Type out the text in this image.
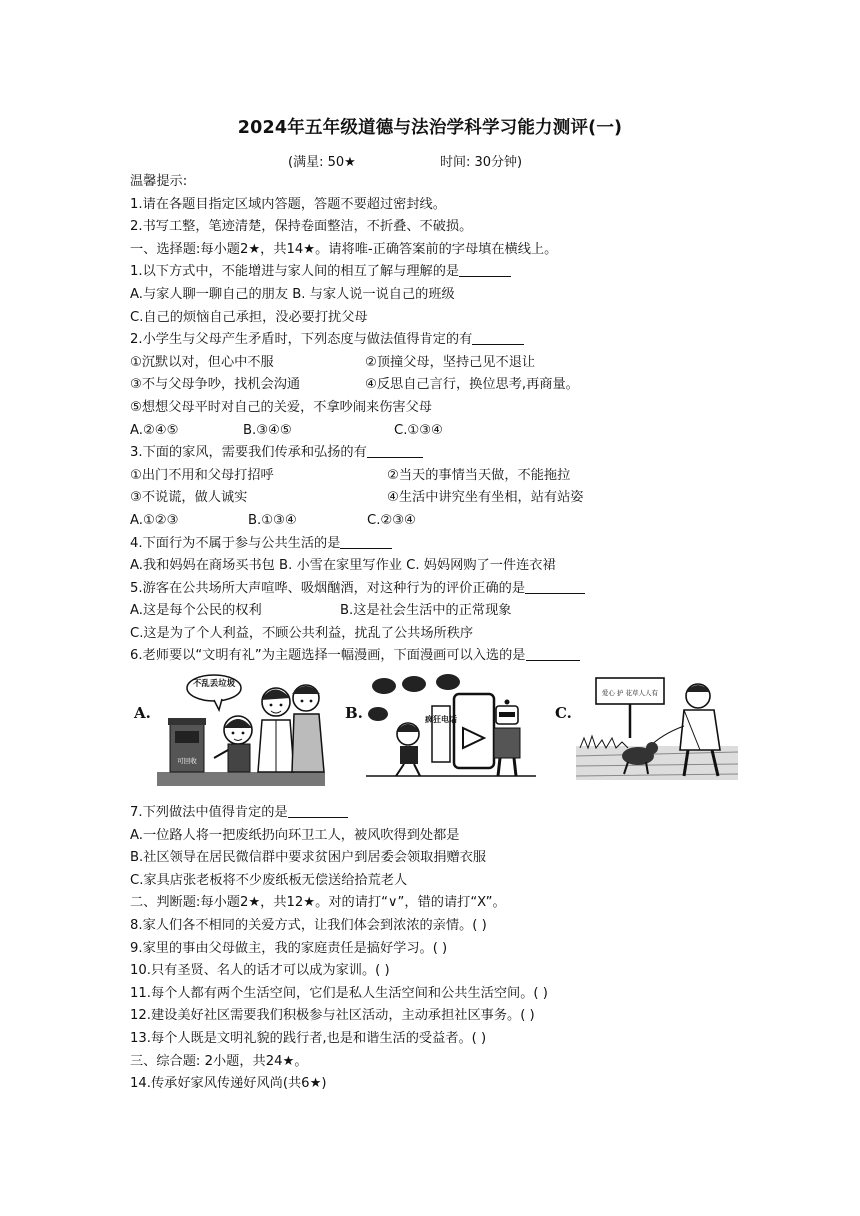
2024年五年级道德与法治学科学习能力测评(一)
(满星: 50★	时间: 30分钟)
温馨提示:
1.请在各题目指定区域内答题，答题不要超过密封线。
2.书写工整，笔迹清楚，保持卷面整洁，不折叠、不破损。
一、选择题:每小题2★，共14★。请将唯-正确答案前的字母填在横线上。
1.以下方式中，不能增进与家人间的相互了解与理解的是
A.与家人聊一聊自己的朋友 B. 与家人说一说自己的班级
C.自己的烦恼自己承担，没必要打扰父母
2.小学生与父母产生矛盾时，下列态度与做法值得肯定的有
①沉默以对，但心中不服	②顶撞父母，坚持己见不退让
③不与父母争吵，找机会沟通	④反思自己言行，换位思考,再商量。
⑤想想父母平时对自己的关爱，不拿吵闹来伤害父母
A.②④⑤	B.③④⑤	C.①③④
3.下面的家风，需要我们传承和弘扬的有
①出门不用和父母打招呼	②当天的事情当天做，不能拖拉
③不说谎，做人诚实	④生活中讲究坐有坐相，站有站姿
A.①②③	B.①③④	C.②③④
4.下面行为不属于参与公共生活的是
A.我和妈妈在商场买书包 B. 小雪在家里写作业 C. 妈妈网购了一件连衣裙
5.游客在公共场所大声喧哗、吸烟酗酒，对这种行为的评价正确的是
A.这是每个公民的权利	B.这是社会生活中的正常现象
C.这是为了个人利益，不顾公共利益，扰乱了公共场所秩序
6.老师要以“文明有礼”为主题选择一幅漫画，下面漫画可以入选的是
A.
不乱丢垃圾
可回收
B.	疯狂电话	C.
爱心 护 花草人人有
7.下列做法中值得肯定的是
A.一位路人将一把废纸扔向环卫工人，被风吹得到处都是
B.社区领导在居民微信群中要求贫困户到居委会领取捐赠衣服
C.家具店张老板将不少废纸板无偿送给拾荒老人
二、判断题:每小题2★，共12★。对的请打“∨”，错的请打“X”。
8.家人们各不相同的关爱方式，让我们体会到浓浓的亲情。( )
9.家里的事由父母做主，我的家庭责任是搞好学习。( )
10.只有圣贤、名人的话才可以成为家训。( )
11.每个人都有两个生活空间，它们是私人生活空间和公共生活空间。( )
12.建设美好社区需要我们积极参与社区活动，主动承担社区事务。( )
13.每个人既是文明礼貌的践行者,也是和谐生活的受益者。( )
三、综合题: 2小题，共24★。
14.传承好家风传递好风尚(共6★)
